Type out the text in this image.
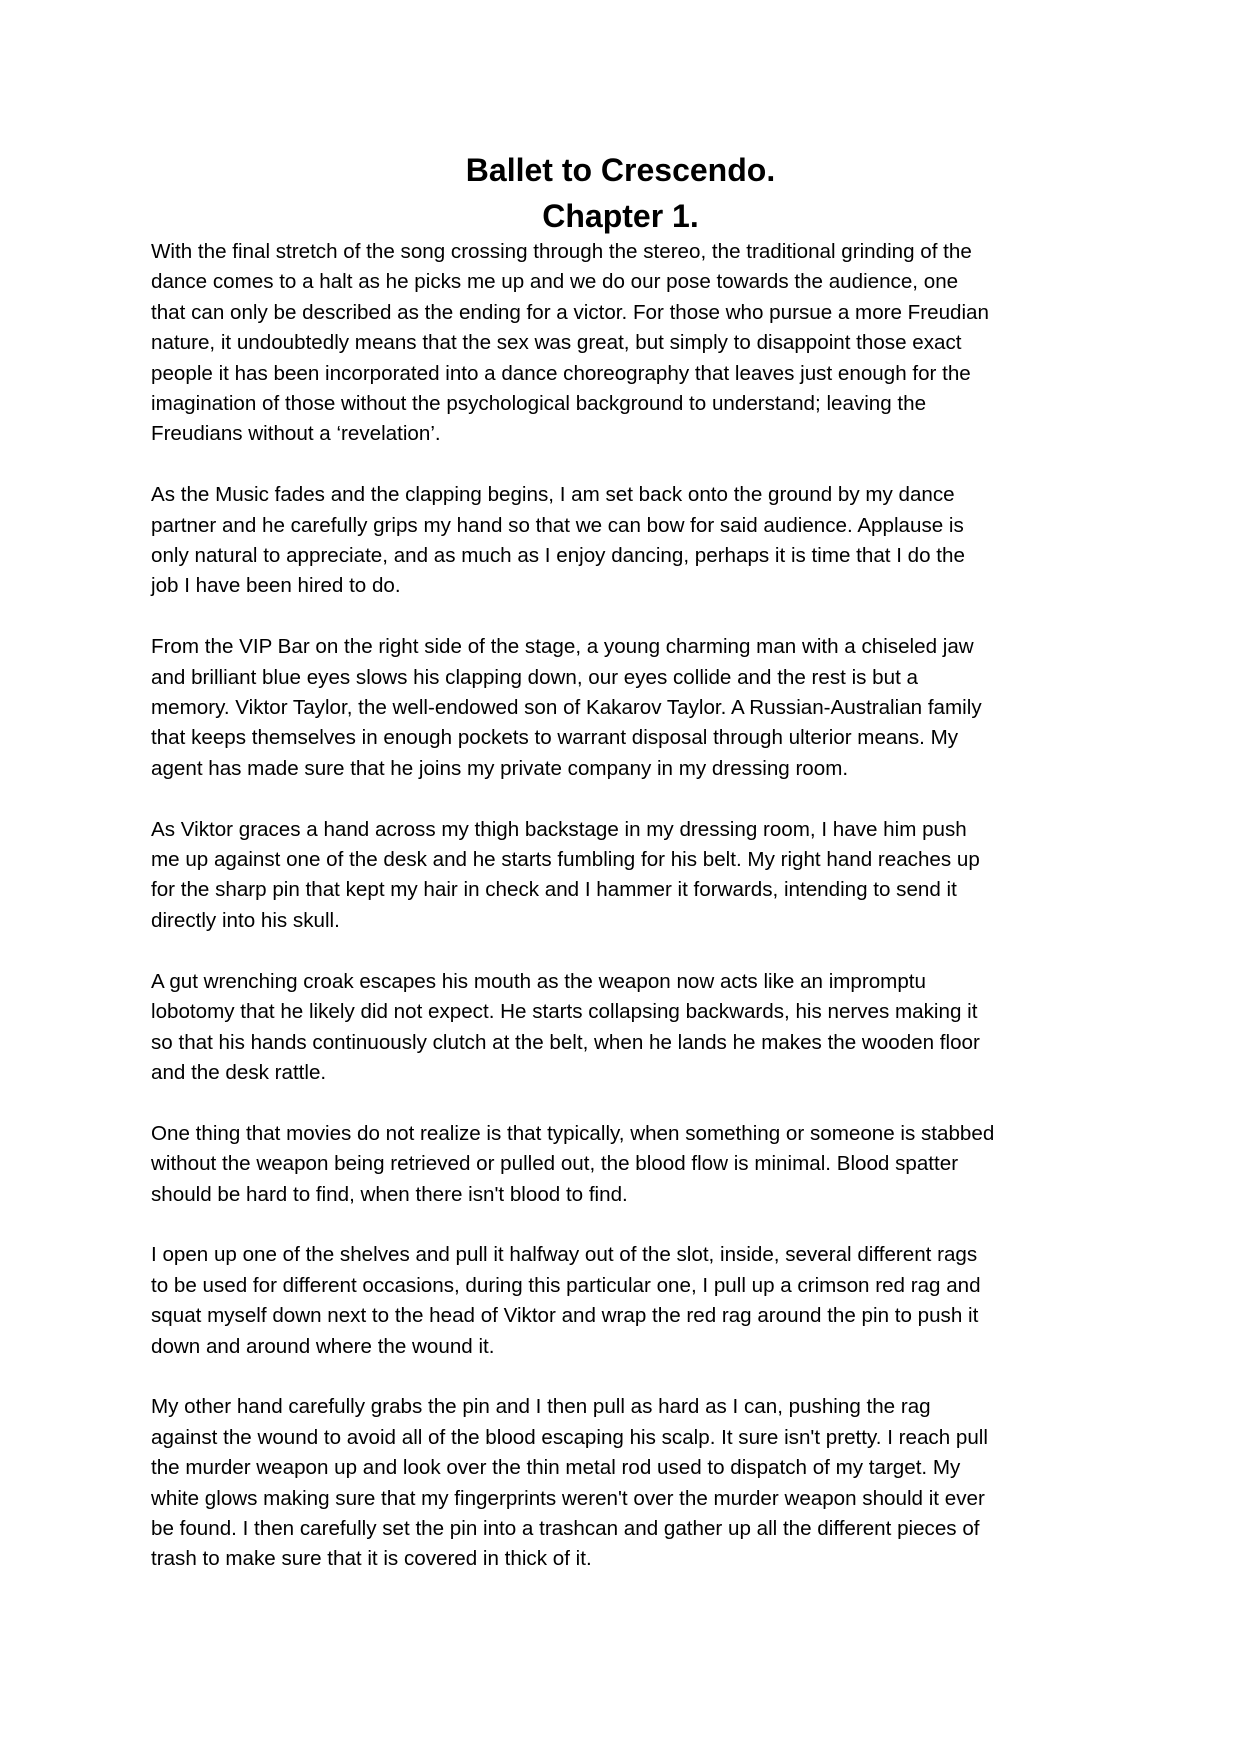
Ballet to Crescendo.
Chapter 1.

With the final stretch of the song crossing through the stereo, the traditional grinding of the
dance comes to a halt as he picks me up and we do our pose towards the audience, one
that can only be described as the ending for a victor. For those who pursue a more Freudian
nature, it undoubtedly means that the sex was great, but simply to disappoint those exact
people it has been incorporated into a dance choreography that leaves just enough for the
imagination of those without the psychological background to understand; leaving the
Freudians without a ‘revelation’.

As the Music fades and the clapping begins, I am set back onto the ground by my dance
partner and he carefully grips my hand so that we can bow for said audience. Applause is
only natural to appreciate, and as much as I enjoy dancing, perhaps it is time that I do the
job I have been hired to do.

From the VIP Bar on the right side of the stage, a young charming man with a chiseled jaw
and brilliant blue eyes slows his clapping down, our eyes collide and the rest is but a
memory. Viktor Taylor, the well-endowed son of Kakarov Taylor. A Russian-Australian family
that keeps themselves in enough pockets to warrant disposal through ulterior means. My
agent has made sure that he joins my private company in my dressing room.

As Viktor graces a hand across my thigh backstage in my dressing room, I have him push
me up against one of the desk and he starts fumbling for his belt. My right hand reaches up
for the sharp pin that kept my hair in check and I hammer it forwards, intending to send it
directly into his skull.

A gut wrenching croak escapes his mouth as the weapon now acts like an impromptu
lobotomy that he likely did not expect. He starts collapsing backwards, his nerves making it
so that his hands continuously clutch at the belt, when he lands he makes the wooden floor
and the desk rattle.

One thing that movies do not realize is that typically, when something or someone is stabbed
without the weapon being retrieved or pulled out, the blood flow is minimal. Blood spatter
should be hard to find, when there isn't blood to find.

I open up one of the shelves and pull it halfway out of the slot, inside, several different rags
to be used for different occasions, during this particular one, I pull up a crimson red rag and
squat myself down next to the head of Viktor and wrap the red rag around the pin to push it
down and around where the wound it.

My other hand carefully grabs the pin and I then pull as hard as I can, pushing the rag
against the wound to avoid all of the blood escaping his scalp. It sure isn't pretty. I reach pull
the murder weapon up and look over the thin metal rod used to dispatch of my target. My
white glows making sure that my fingerprints weren't over the murder weapon should it ever
be found. I then carefully set the pin into a trashcan and gather up all the different pieces of
trash to make sure that it is covered in thick of it.
